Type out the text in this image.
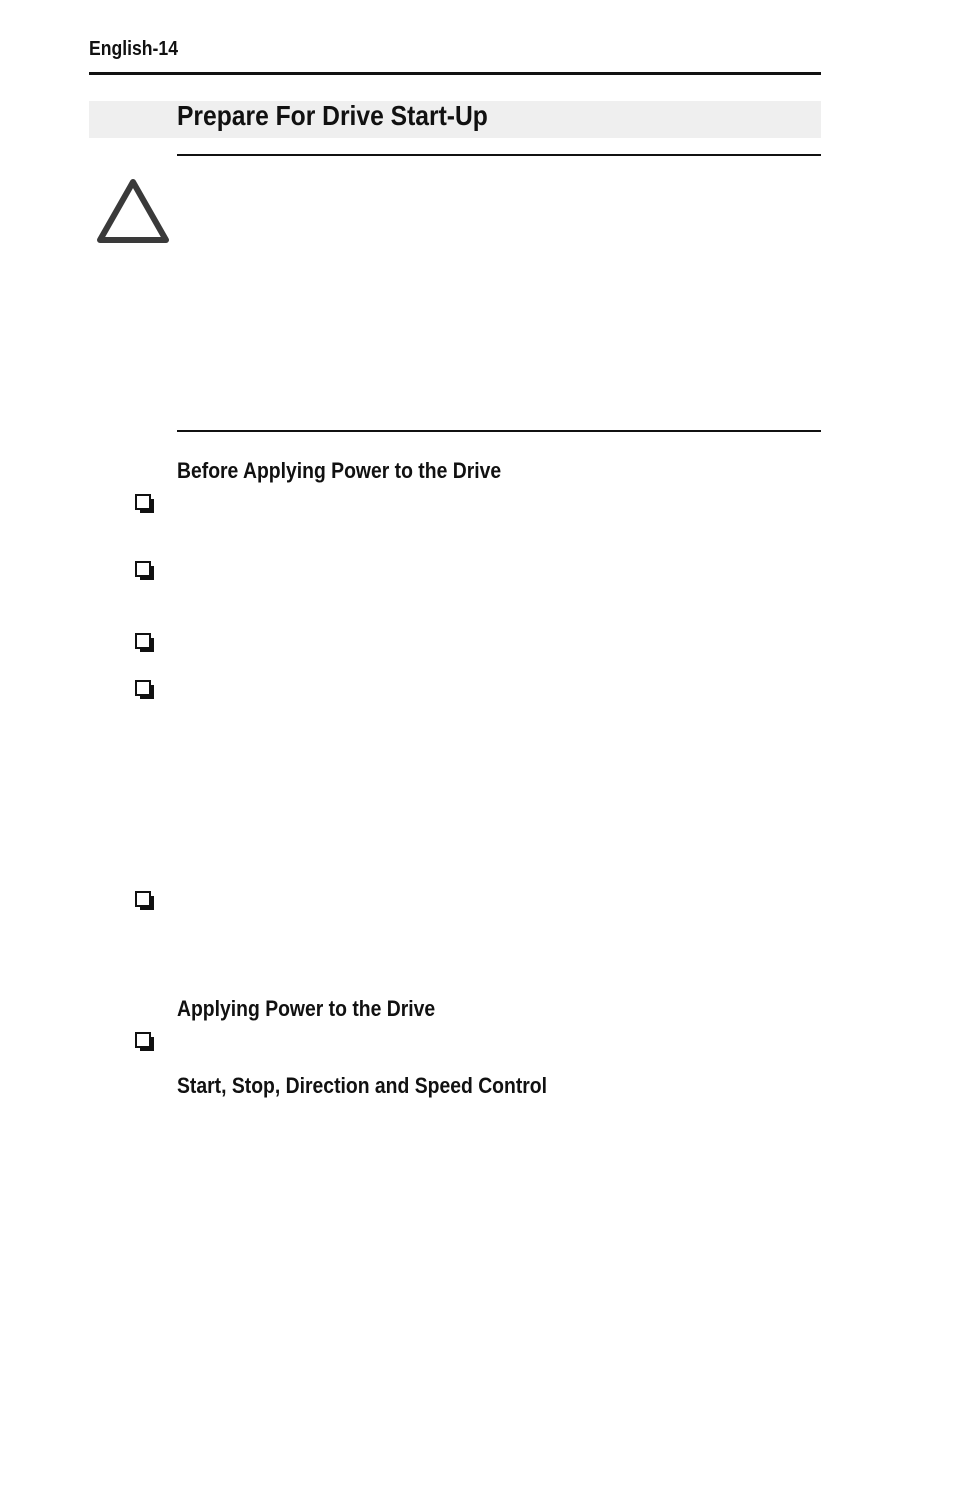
English-14
Prepare For Drive Start-Up
Before Applying Power to the Drive
Applying Power to the Drive
Start, Stop, Direction and Speed Control
